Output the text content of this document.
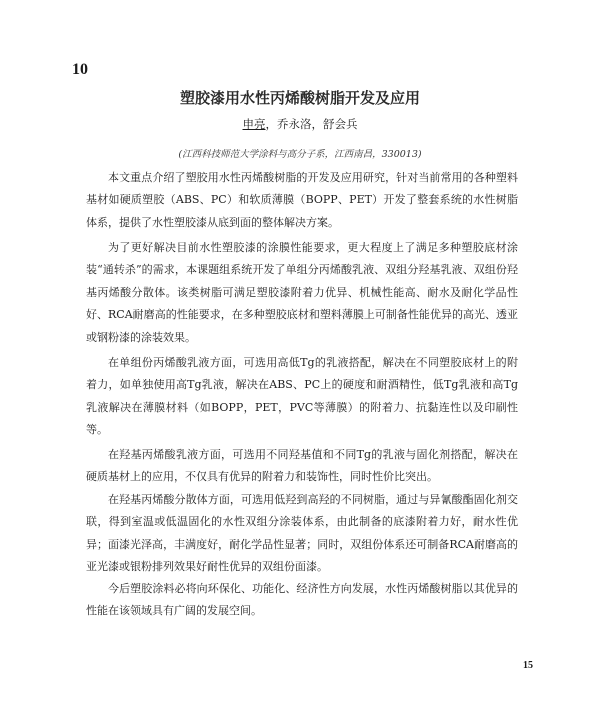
10

塑胶漆用水性丙烯酸树脂开发及应用

申亮，乔永洛，舒会兵

(江西科技师范大学涂料与高分子系，江西南昌，330013)

本文重点介绍了塑胶用水性丙烯酸树脂的开发及应用研究，针对当前常用的各种塑料基材如硬质塑胶（ABS、PC）和软质薄膜（BOPP、PET）开发了整套系统的水性树脂体系，提供了水性塑胶漆从底到面的整体解决方案。

为了更好解决目前水性塑胶漆的涂膜性能要求，更大程度上了满足多种塑胶底材涂装“通转杀”的需求，本课题组系统开发了单组分丙烯酸乳液、双组分羟基乳液、双组份羟基丙烯酸分散体。该类树脂可满足塑胶漆附着力优异、机械性能高、耐水及耐化学品性好、RCA耐磨高的性能要求，在多种塑胶底材和塑料薄膜上可制备性能优异的高光、透亚或钢粉漆的涂装效果。

在单组份丙烯酸乳液方面，可选用高低Tg的乳液搭配，解决在不同塑胶底材上的附着力，如单独使用高Tg乳液，解决在ABS、PC上的硬度和耐酒精性，低Tg乳液和高Tg乳液解决在薄膜材料（如BOPP，PET，PVC等薄膜）的附着力、抗黏连性以及印刷性等。

在羟基丙烯酸乳液方面，可选用不同羟基值和不同Tg的乳液与固化剂搭配，解决在硬质基材上的应用，不仅具有优异的附着力和装饰性，同时性价比突出。

在羟基丙烯酸分散体方面，可选用低羟到高羟的不同树脂，通过与异氰酸酯固化剂交联，得到室温或低温固化的水性双组分涂装体系，由此制备的底漆附着力好，耐水性优异；面漆光泽高，丰满度好，耐化学品性显著；同时，双组份体系还可制备RCA耐磨高的亚光漆或银粉排列效果好耐性优异的双组份面漆。

今后塑胶涂料必将向环保化、功能化、经济性方向发展，水性丙烯酸树脂以其优异的性能在该领域具有广阔的发展空间。

15
